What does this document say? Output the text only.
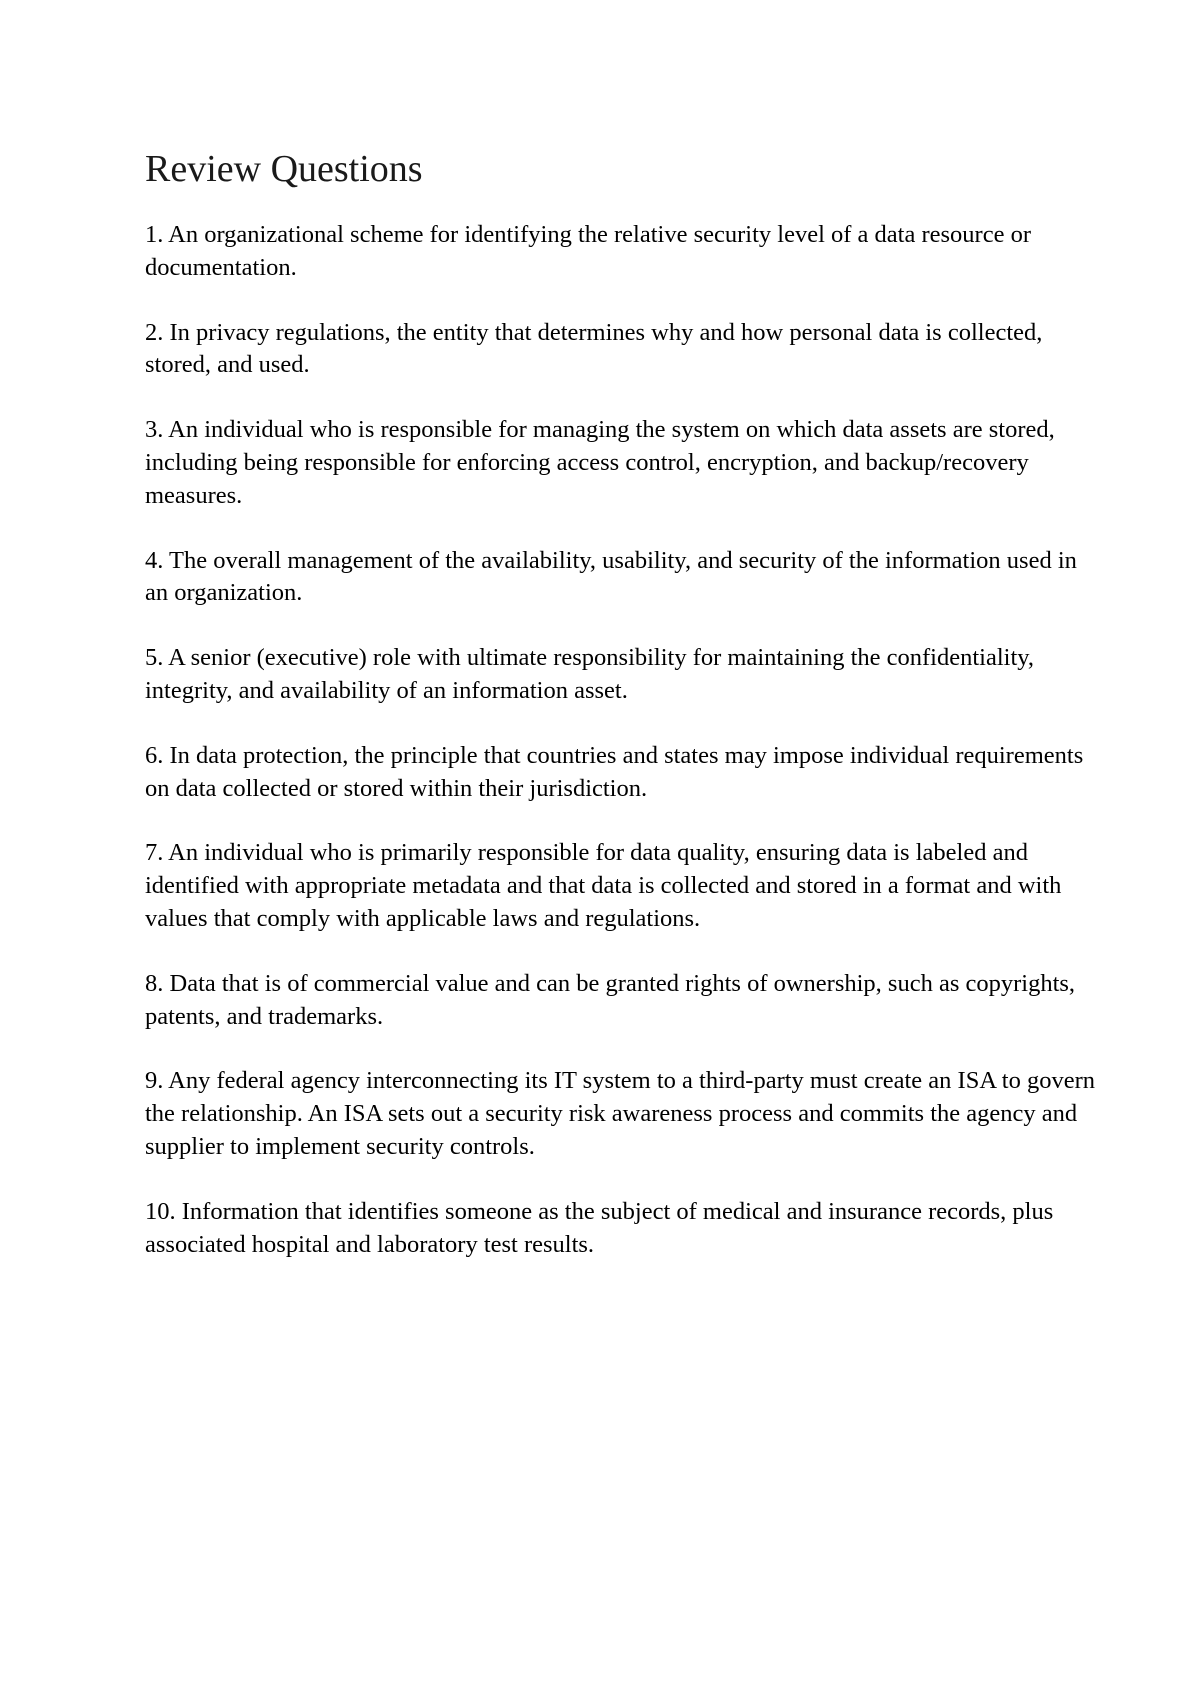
Review Questions

1. An organizational scheme for identifying the relative security level of a data resource or documentation.

2. In privacy regulations, the entity that determines why and how personal data is collected, stored, and used.

3. An individual who is responsible for managing the system on which data assets are stored, including being responsible for enforcing access control, encryption, and backup/recovery measures.

4. The overall management of the availability, usability, and security of the information used in an organization.

5. A senior (executive) role with ultimate responsibility for maintaining the confidentiality, integrity, and availability of an information asset.

6. In data protection, the principle that countries and states may impose individual requirements on data collected or stored within their jurisdiction.

7. An individual who is primarily responsible for data quality, ensuring data is labeled and identified with appropriate metadata and that data is collected and stored in a format and with values that comply with applicable laws and regulations.

8. Data that is of commercial value and can be granted rights of ownership, such as copyrights, patents, and trademarks.

9. Any federal agency interconnecting its IT system to a third-party must create an ISA to govern the relationship. An ISA sets out a security risk awareness process and commits the agency and supplier to implement security controls.

10. Information that identifies someone as the subject of medical and insurance records, plus associated hospital and laboratory test results.
